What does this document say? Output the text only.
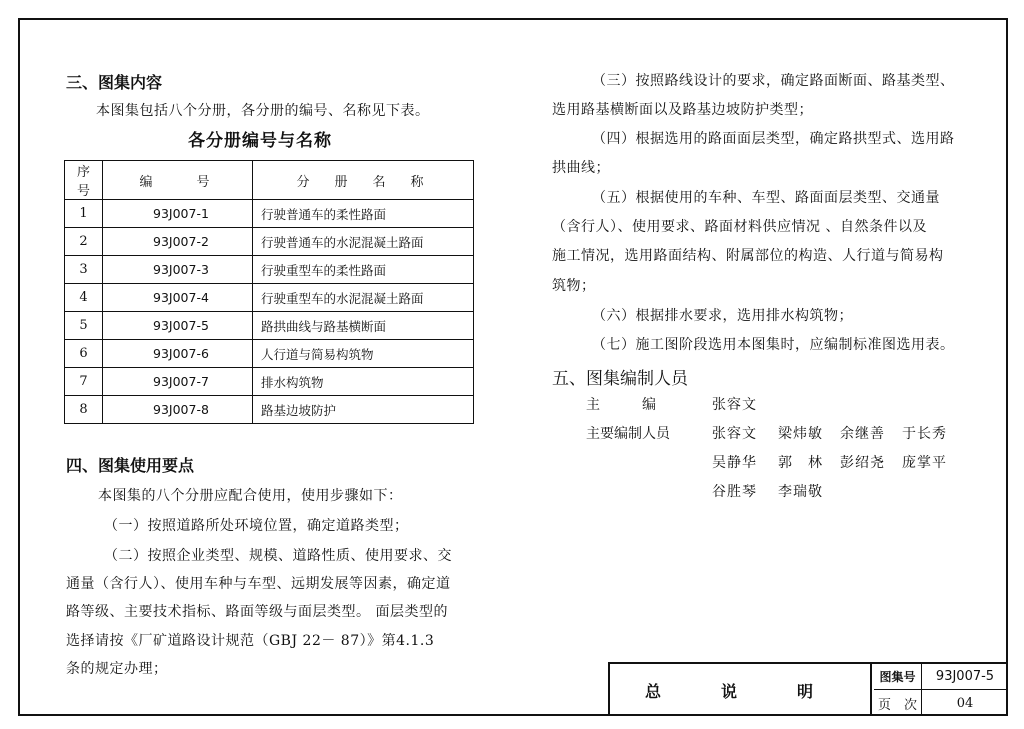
三、图集内容
本图集包括八个分册，各分册的编号、名称见下表。
各分册编号与名称
序号	编　　号	分　册　名　称
1	93J007-1	行驶普通车的柔性路面
2	93J007-2	行驶普通车的水泥混凝土路面
3	93J007-3	行驶重型车的柔性路面
4	93J007-4	行驶重型车的水泥混凝土路面
5	93J007-5	路拱曲线与路基横断面
6	93J007-6	人行道与简易构筑物
7	93J007-7	排水构筑物
8	93J007-8	路基边坡防护
四、图集使用要点
本图集的八个分册应配合使用，使用步骤如下：
（一）按照道路所处环境位置，确定道路类型；
（二）按照企业类型、规模、道路性质、使用要求、交
通量（含行人）、使用车种与车型、远期发展等因素，确定道
路等级、主要技术指标、路面等级与面层类型。 面层类型的
选择请按《厂矿道路设计规范（GBJ 22－ 87）》第4.1.3
条的规定办理；
（三）按照路线设计的要求，确定路面断面、路基类型、
选用路基横断面以及路基边坡防护类型；
（四）根据选用的路面面层类型，确定路拱型式、选用路
拱曲线；
（五）根据使用的车种、车型、路面面层类型、交通量
（含行人）、使用要求、路面材料供应情况 、自然条件以及
施工情况，选用路面结构、附属部位的构造、人行道与简易构
筑物；
（六）根据排水要求，选用排水构筑物；
（七）施工图阶段选用本图集时，应编制标准图选用表。
五、图集编制人员
主　　　编	张容文
主要编制人员	张容文 梁炜敏 余继善 于长秀
吴静华 郭　林 彭绍尧 庞掌平
谷胜琴 李瑞敬
总　说　明
图集号	93J007-5
页　次	04
